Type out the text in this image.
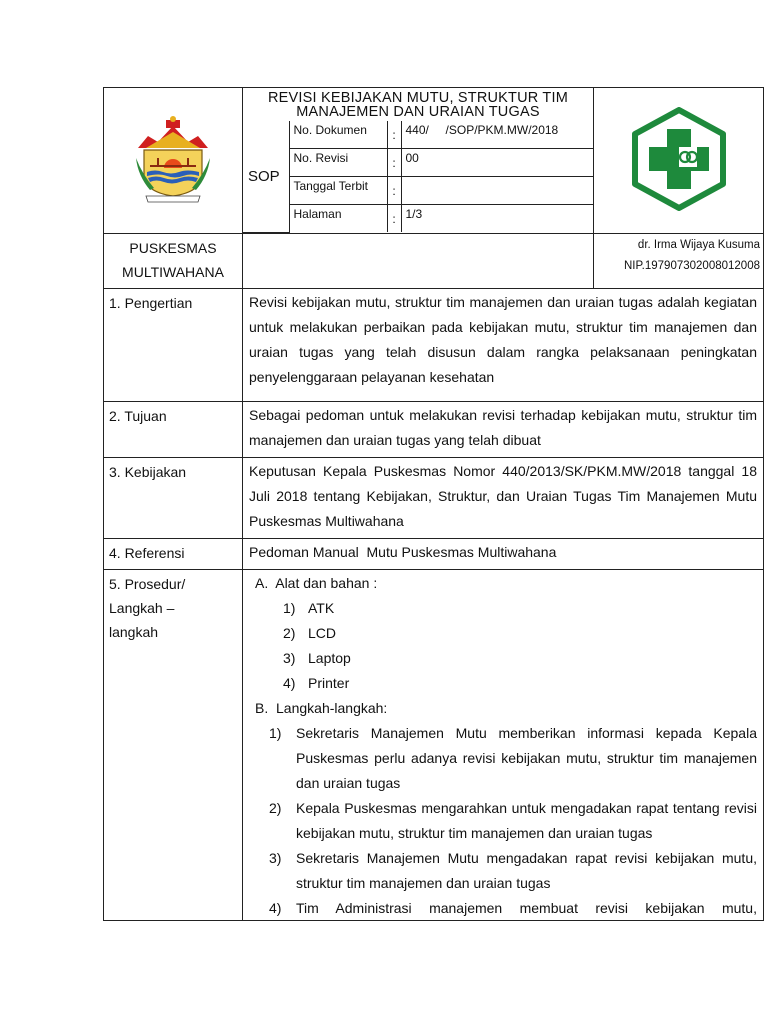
REVISI KEBIJAKAN MUTU, STRUKTUR TIM MANAJEMEN DAN URAIAN TUGAS
SOP	No. Dokumen	:	440/     /SOP/PKM.MW/2018
No. Revisi	:	00
Tanggal Terbit	:	
Halaman	:	1/3

PUSKESMAS
MULTIWAHANA

dr. Irma Wijaya Kusuma
NIP.197907302008012008

1. Pengertian	Revisi kebijakan mutu, struktur tim manajemen dan uraian tugas adalah kegiatan untuk melakukan perbaikan pada kebijakan mutu, struktur tim manajemen dan uraian tugas yang telah disusun dalam rangka pelaksanaan peningkatan penyelenggaraan pelayanan kesehatan
2. Tujuan	Sebagai pedoman untuk melakukan revisi terhadap kebijakan mutu, struktur tim manajemen dan uraian tugas yang telah dibuat
3. Kebijakan	Keputusan Kepala Puskesmas Nomor 440/2013/SK/PKM.MW/2018 tanggal 18 Juli 2018 tentang Kebijakan, Struktur, dan Uraian Tugas Tim Manajemen Mutu Puskesmas Multiwahana
4. Referensi	Pedoman Manual  Mutu Puskesmas Multiwahana

5. Prosedur/
Langkah –
langkah

A.  Alat dan bahan :
1) ATK
2) LCD
3) Laptop
4) Printer
B.  Langkah-langkah:
1)	Sekretaris Manajemen Mutu memberikan informasi kepada Kepala Puskesmas perlu adanya revisi kebijakan mutu, struktur tim manajemen dan uraian tugas
2)	Kepala Puskesmas mengarahkan untuk mengadakan rapat tentang revisi kebijakan mutu, struktur tim manajemen dan uraian tugas
3)	Sekretaris Manajemen Mutu mengadakan rapat revisi kebijakan mutu, struktur tim manajemen dan uraian tugas
4)	Tim Administrasi manajemen membuat revisi kebijakan mutu,
